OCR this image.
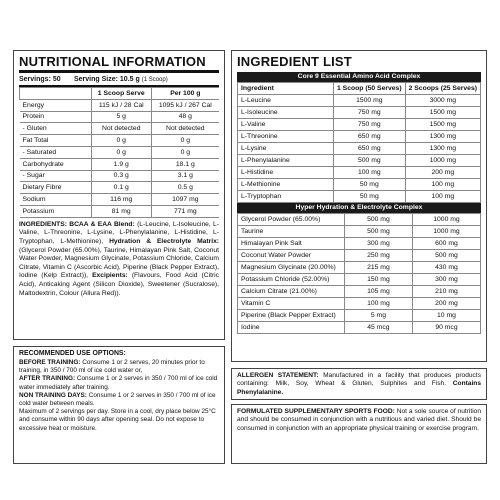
NUTRITIONAL INFORMATION
Servings: 50	Serving Size: 10.5 g (1 Scoop)
	1 Scoop Serve	Per 100 g
Energy	115 kJ / 28 Cal	1095 kJ / 267 Cal
Protein	5 g	48 g
- Gluten	Not detected	Not detected
Fat Total	0 g	0 g
- Saturated	0 g	0 g
Carbohydrate	1.9 g	18.1 g
- Sugar	0.3 g	3.1 g
Dietary Fibre	0.1 g	0.5 g
Sodium	116 mg	1097 mg
Potassium	81 mg	771 mg
INGREDIENTS: BCAA & EAA Blend: (L-Leucine, L-Isoleucine, L-Valine, L-Threonine, L-Lysine, L-Phenylalanine, L-Histidine, L-Tryptophan, L-Methionine), Hydration & Electrolyte Matrix: (Glycerol Powder (65.00%), Taurine, Himalayan Pink Salt, Coconut Water Powder, Magnesium Glycinate, Potassium Chloride, Calcium Citrate, Vitamin C (Ascorbic Acid), Piperine (Black Pepper Extract), Iodine (Kelp Extract)), Excipients: (Flavours, Food Acid (Citric Acid), Anticaking Agent (Silicon Dioxide), Sweetener (Sucralose), Maltodextrin, Colour (Allura Red)).
RECOMMENDED USE OPTIONS:
BEFORE TRAINING: Consume 1 or 2 serves, 20 minutes prior to training, in 350 / 700 ml of ice cold water or,
AFTER TRAINING: Consume 1 or 2 serves in 350 / 700 ml of ice cold water immediately after training.
NON TRAINING DAYS: Consume 1 or 2 serves in 350 / 700 ml of ice cold water between meals.
Maximum of 2 servings per day. Store in a cool, dry place below 25°C and consume within 90 days after opening seal. Do not expose to excessive heat or moisture.
INGREDIENT LIST
Core 9 Essential Amino Acid Complex
Ingredient	1 Scoop (50 Serves)	2 Scoops (25 Serves)
L-Leucine	1500 mg	3000 mg
L-Isoleucine	750 mg	1500 mg
L-Valine	750 mg	1500 mg
L-Threonine	650 mg	1300 mg
L-Lysine	650 mg	1300 mg
L-Phenylalanine	500 mg	1000 mg
L-Histidine	100 mg	200 mg
L-Methionine	50 mg	100 mg
L-Tryptophan	50 mg	100 mg
Hyper Hydration & Electrolyte Complex
Glycerol Powder (65.00%)	500 mg	1000 mg
Taurine	500 mg	1000 mg
Himalayan Pink Salt	300 mg	600 mg
Coconut Water Powder	250 mg	500 mg
Magnesium Glycinate (20.00%)	215 mg	430 mg
Potassium Chloride (52.00%)	150 mg	300 mg
Calcium Citrate (21.00%)	105 mg	210 mg
Vitamin C	100 mg	200 mg
Piperine (Black Pepper Extract)	5 mg	10 mg
Iodine	45 mcg	90 mcg
ALLERGEN STATEMENT: Manufactured in a facility that produces products containing: Milk, Soy, Wheat & Gluten, Sulphites and Fish. Contains Phenylalanine.
FORMULATED SUPPLEMENTARY SPORTS FOOD: Not a sole source of nutrition and should be consumed in conjunction with a nutritious and varied diet. Should be consumed in conjunction with an appropriate physical training or exercise program.
